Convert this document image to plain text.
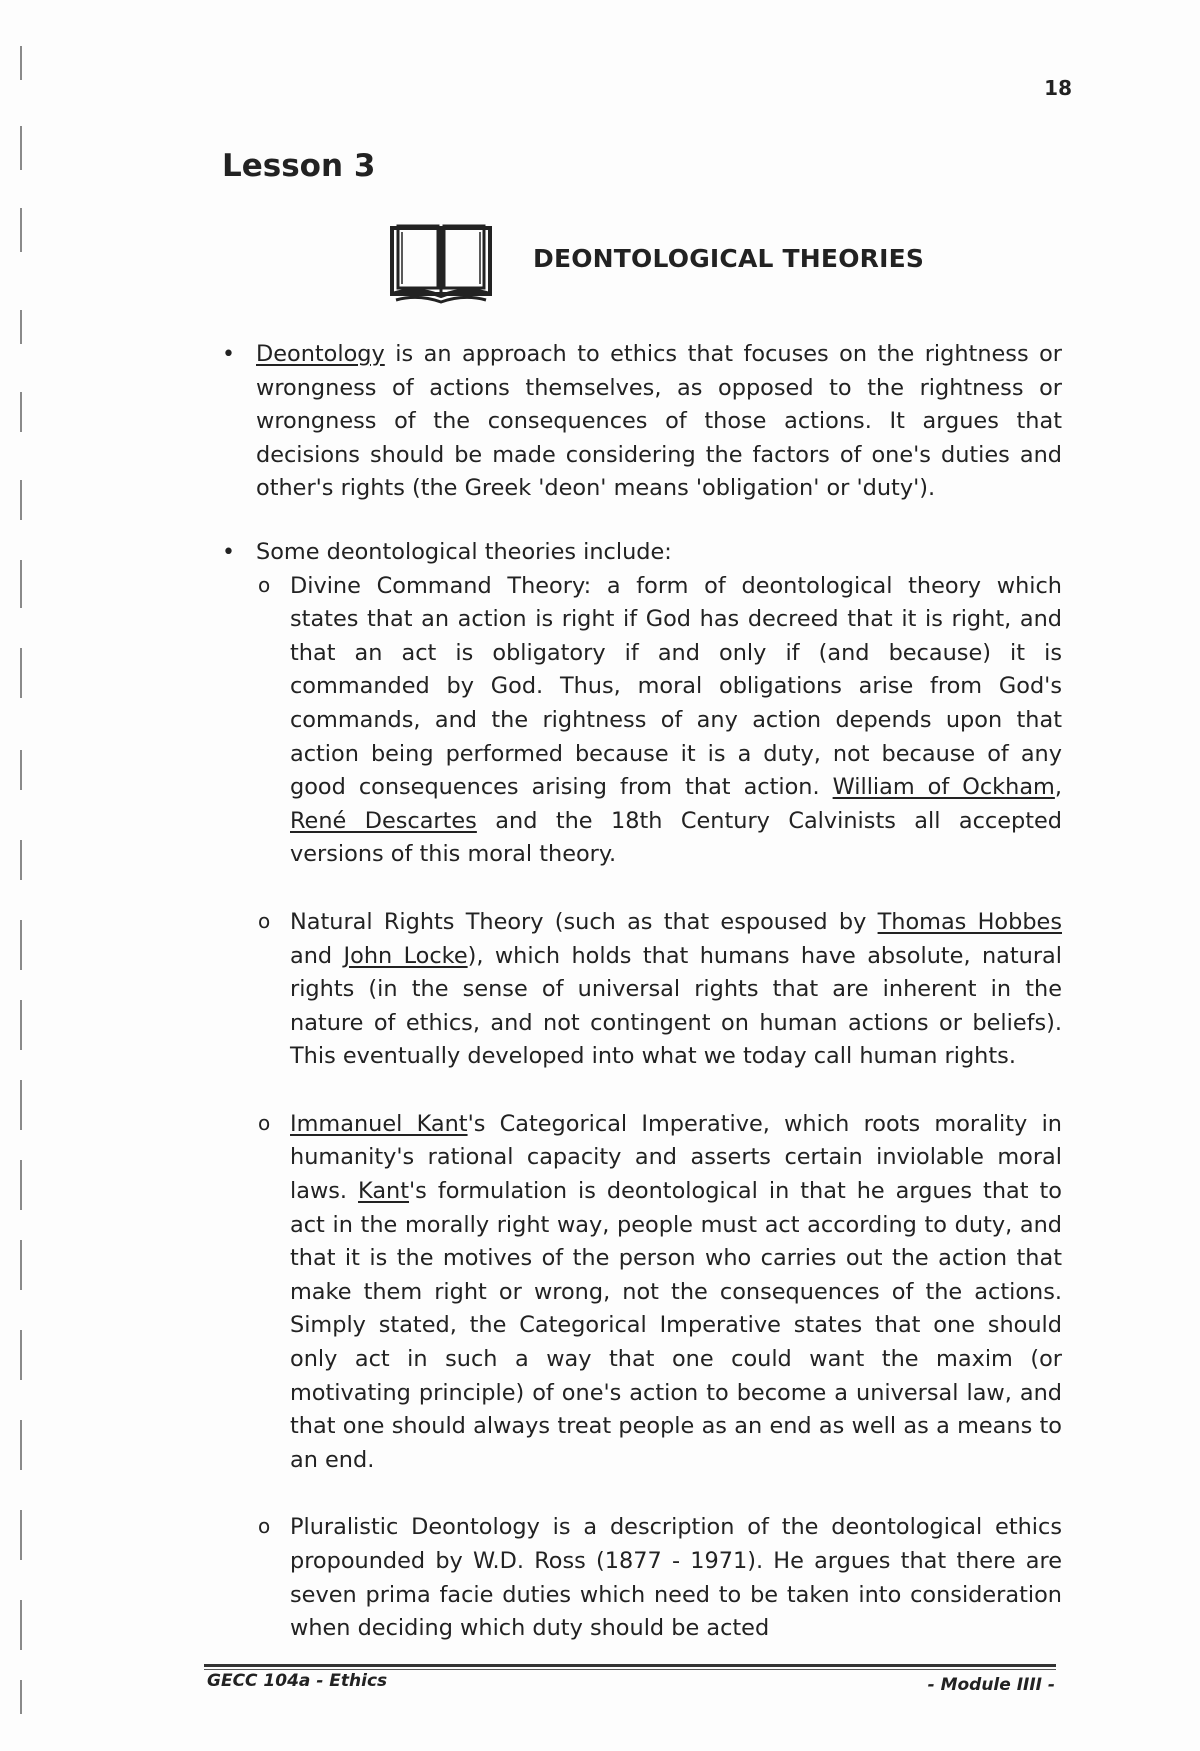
18
Lesson 3
DEONTOLOGICAL THEORIES
• Deontology is an approach to ethics that focuses on the rightness or wrongness of actions themselves, as opposed to the rightness or wrongness of the consequences of those actions. It argues that decisions should be made considering the factors of one's duties and other's rights (the Greek 'deon' means 'obligation' or 'duty').
• Some deontological theories include:
o Divine Command Theory: a form of deontological theory which states that an action is right if God has decreed that it is right, and that an act is obligatory if and only if (and because) it is commanded by God. Thus, moral obligations arise from God's commands, and the rightness of any action depends upon that action being performed because it is a duty, not because of any good consequences arising from that action. William of Ockham, René Descartes and the 18th Century Calvinists all accepted versions of this moral theory.
o Natural Rights Theory (such as that espoused by Thomas Hobbes and John Locke), which holds that humans have absolute, natural rights (in the sense of universal rights that are inherent in the nature of ethics, and not contingent on human actions or beliefs). This eventually developed into what we today call human rights.
o Immanuel Kant's Categorical Imperative, which roots morality in humanity's rational capacity and asserts certain inviolable moral laws. Kant's formulation is deontological in that he argues that to act in the morally right way, people must act according to duty, and that it is the motives of the person who carries out the action that make them right or wrong, not the consequences of the actions. Simply stated, the Categorical Imperative states that one should only act in such a way that one could want the maxim (or motivating principle) of one's action to become a universal law, and that one should always treat people as an end as well as a means to an end.
o Pluralistic Deontology is a description of the deontological ethics propounded by W.D. Ross (1877 - 1971). He argues that there are seven prima facie duties which need to be taken into consideration when deciding which duty should be acted
GECC 104a - Ethics	- Module IIII -
